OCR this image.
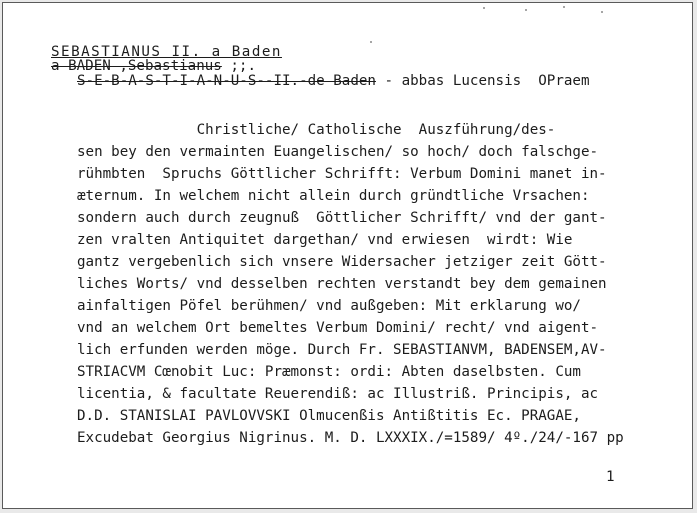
SEBASTIANUS II. a Baden
a BADEN ,Sebastianus ;;.
S-E-B-A-S-T-I-A-N-U-S--II.-de Baden - abbas Lucensis  OPraem
Christliche/ Catholische  Auszführung/des-
sen bey den vermainten Euangelischen/ so hoch/ doch falschge-
rühmbten  Spruchs Göttlicher Schrifft: Verbum Domini manet in-
æternum. In welchem nicht allein durch gründtliche Vrsachen:
sondern auch durch zeugnuß  Göttlicher Schrifft/ vnd der gant-
zen vralten Antiquitet dargethan/ vnd erwiesen  wirdt: Wie
gantz vergebenlich sich vnsere Widersacher jetziger zeit Gött-
liches Worts/ vnd desselben rechten verstandt bey dem gemainen
ainfaltigen Pöfel berühmen/ vnd außgeben: Mit erklarung wo/
vnd an welchem Ort bemeltes Verbum Domini/ recht/ vnd aigent-
lich erfunden werden möge. Durch Fr. SEBASTIANVM, BADENSEM,AV-
STRIACVM Cœnobit Luc: Præmonst: ordi: Abten daselbsten. Cum
licentia, & facultate Reuerendiß: ac Illustriß. Principis, ac
D.D. STANISLAI PAVLOVVSKI Olmucenßis Antißtitis Ec. PRAGAE,
Excudebat Georgius Nigrinus. M. D. LXXXIX./=1589/ 4º./24/-167 pp
1
